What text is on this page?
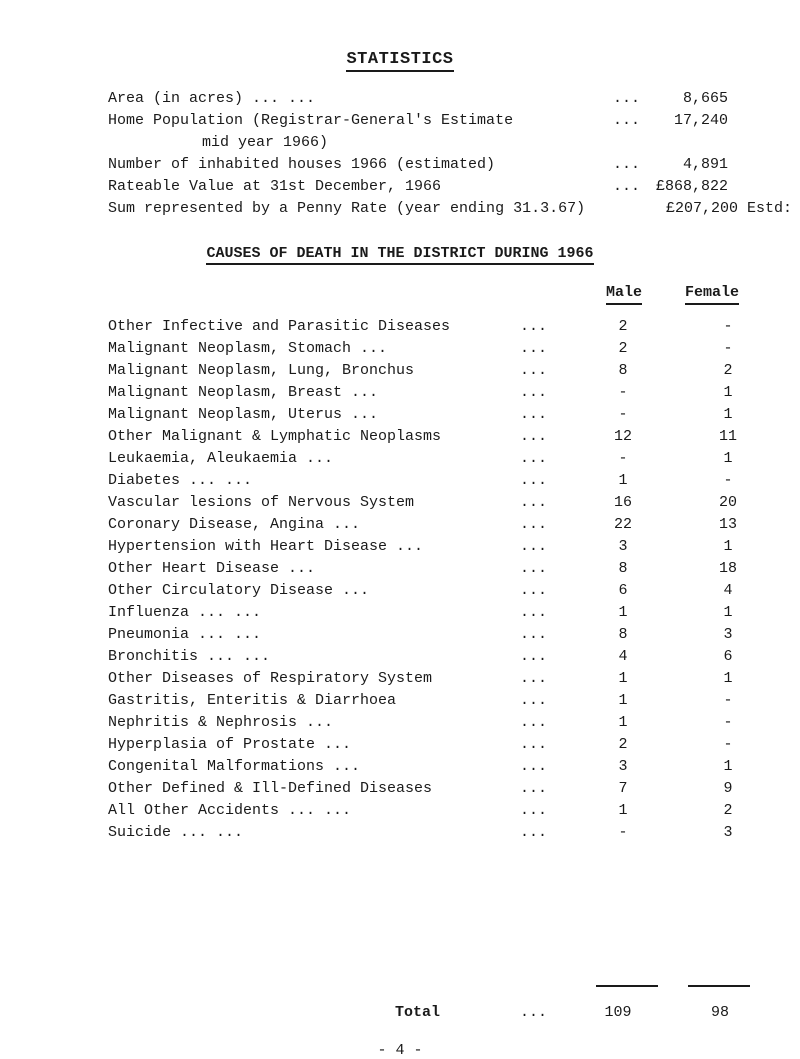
STATISTICS
Area (in acres) ... ...	...	8,665
Home Population (Registrar-General's Estimate	... 17,240
mid year 1966)
Number of inhabited houses 1966 (estimated)	...	4,891
Rateable Value at 31st December, 1966	... £868,822
Sum represented by a Penny Rate (year ending 31.3.67)	£207,200 Estd:
CAUSES OF DEATH IN THE DISTRICT DURING 1966
Male	Female
Other Infective and Parasitic Diseases	...	2	-
Malignant Neoplasm, Stomach ...	...	2	-
Malignant Neoplasm, Lung, Bronchus	...	8	2
Malignant Neoplasm, Breast ...	...	-	1
Malignant Neoplasm, Uterus ...	...	-	1
Other Malignant & Lymphatic Neoplasms	...	12	11
Leukaemia, Aleukaemia ...	...	-	1
Diabetes ... ...	...	1	-
Vascular lesions of Nervous System	...	16	20
Coronary Disease, Angina ...	...	22	13
Hypertension with Heart Disease ...	...	3	1
Other Heart Disease ...	...	8	18
Other Circulatory Disease ...	...	6	4
Influenza ... ...	...	1	1
Pneumonia ... ...	...	8	3
Bronchitis ... ...	...	4	6
Other Diseases of Respiratory System	...	1	1
Gastritis, Enteritis & Diarrhoea	...	1	-
Nephritis & Nephrosis ...	...	1	-
Hyperplasia of Prostate ...	...	2	-
Congenital Malformations ...	...	3	1
Other Defined & Ill-Defined Diseases	...	7	9
All Other Accidents ... ...	...	1	2
Suicide ... ...	...	-	3
Total	...	109	98
- 4 -
